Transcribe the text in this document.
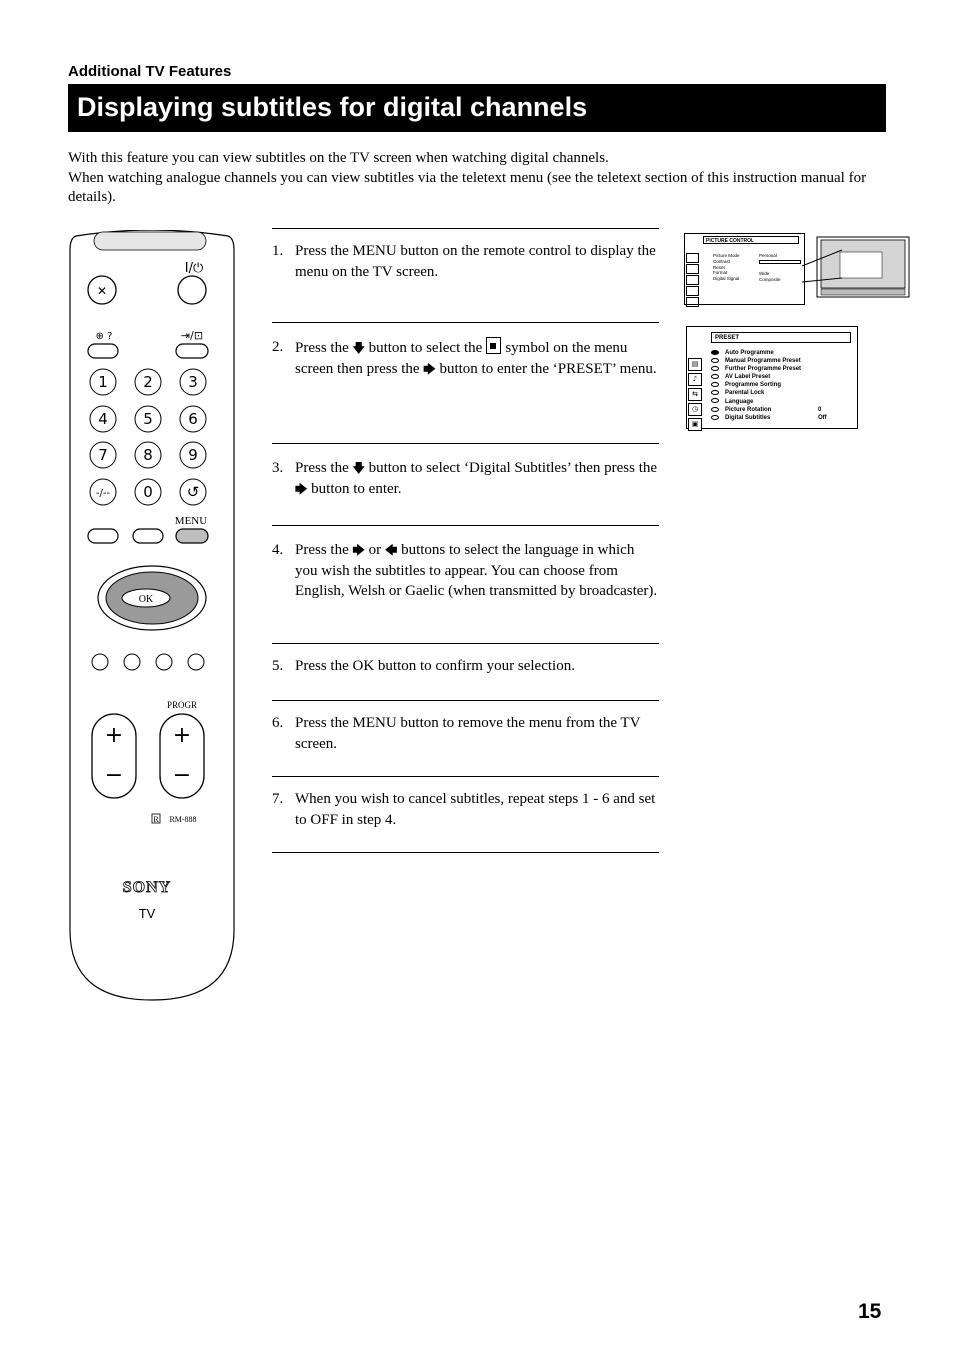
Additional TV Features
Displaying subtitles for digital channels

With this feature you can view subtitles on the TV screen when watching digital channels.

When watching analogue channels you can view subtitles via the teletext menu (see the teletext section of this instruction manual for details).

✕
I/⏻
⊕ ?	⇥/⊡
1 2 3
4 5 6
7 8 9
-/-- 0 ↺
MENU
OK
+
−
+
−
PROGR
R RM-888
SONY
TV
1. Press the MENU button on the remote control to display the menu on the TV screen.
2. Press the 🡇 button to select the symbol on the menu screen then press the 🡆 button to enter the ‘PRESET’ menu.
3. Press the 🡇 button to select ‘Digital Subtitles’ then press the 🡆 button to enter.
4. Press the 🡆 or 🡄 buttons to select the language in which you wish the subtitles to appear. You can choose from English, Welsh or Gaelic (when transmitted by broadcaster).
5. Press the OK button to confirm your selection.
6. Press the MENU button to remove the menu from the TV screen.
7. When you wish to cancel subtitles, repeat steps 1 - 6 and set to OFF in step 4.
PICTURE CONTROL
Picture Mode
Contrast
Reset
Format
Digital Signal
Personal
Wide
Composite
PRESET
▤
♪
⇆
◷
▣
Auto Programme
Manual Programme Preset
Further Programme Preset
AV Label Preset
Programme Sorting
Parental Lock
Language
Picture Rotation	0
Digital Subtitles	Off
15
